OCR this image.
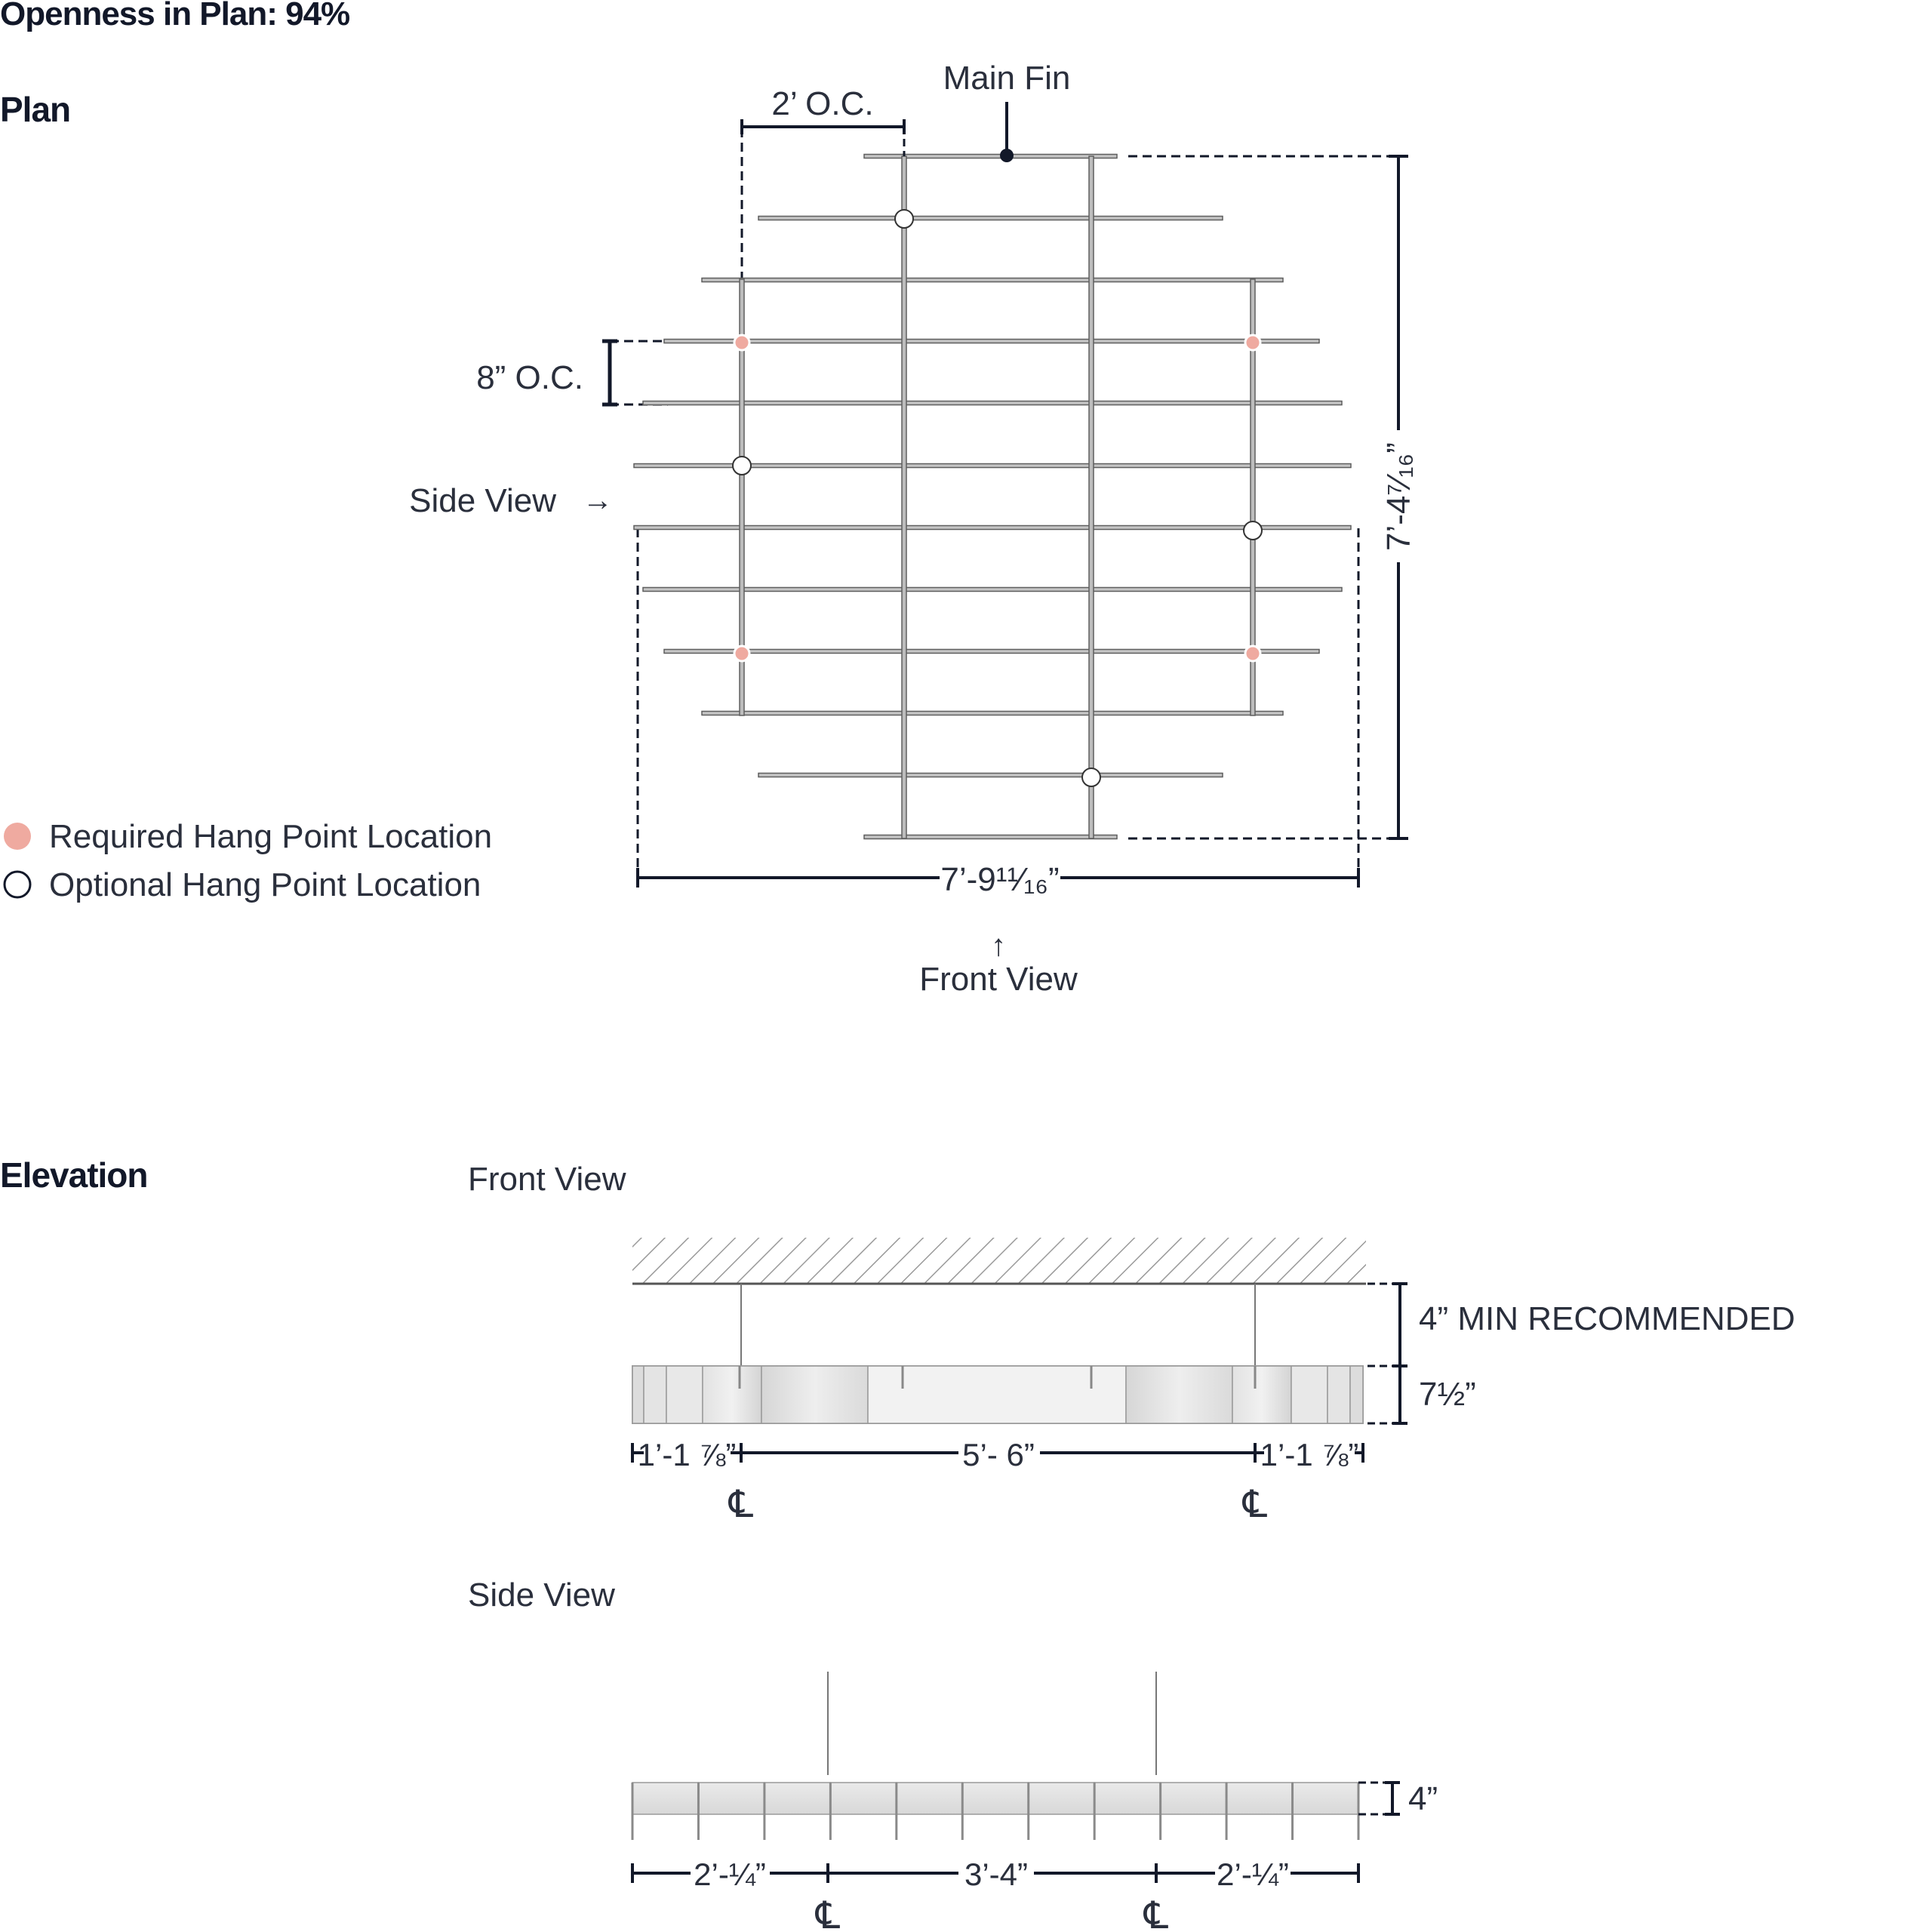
Openness in Plan: 94%
Plan
Elevation
Main Fin
2’ O.C.
8” O.C.
7’-9¹¹⁄₁₆”
7’-4⁷⁄₁₆”
Side View →
↑
Front View
Required Hang Point Location
Optional Hang Point Location
Front View
4” MIN RECOMMENDED
7½”
1’-1 ⅞”	5’- 6”	1’-1 ⅞”
℄	℄
Side View
4”
2’-¼”	3’-4”	2’-¼”
℄	℄
